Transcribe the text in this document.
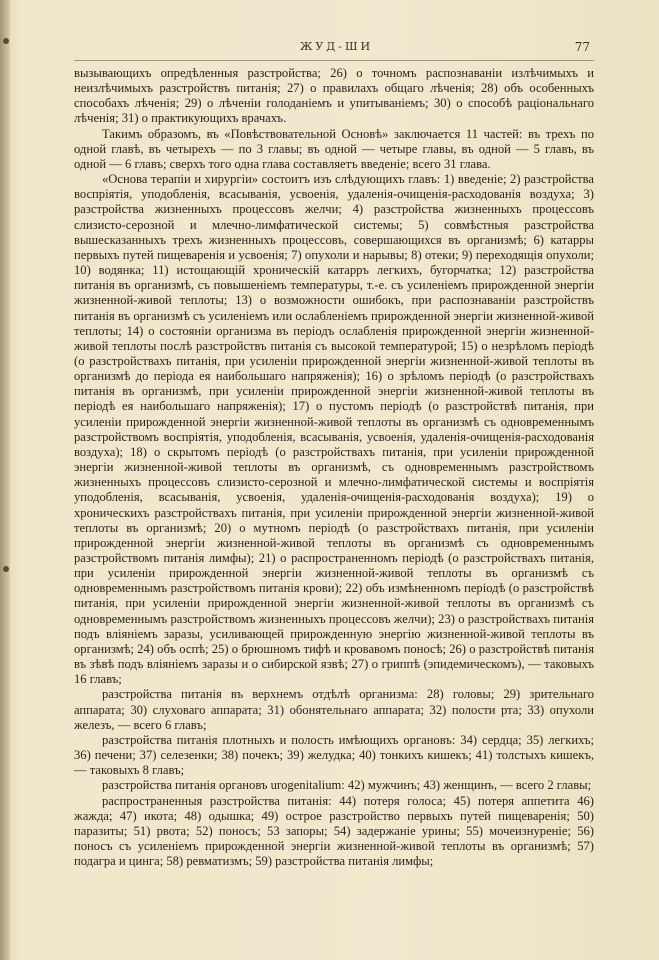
ЖУД-ШИ	77

вызывающихъ опредѣленныя разстройства; 26) о точномъ распознаваніи излѣчимыхъ и неизлѣчимыхъ разстройствъ питанія; 27) о правилахъ общаго лѣченія; 28) объ особенныхъ способахъ лѣченія; 29) о лѣченіи голоданіемъ и упитываніемъ; 30) о способѣ раціональнаго лѣченія; 31) о практикующихъ врачахъ.

Такимъ образомъ, въ «Повѣствовательной Основѣ» заключается 11 частей: въ трехъ по одной главѣ, въ четырехъ — по 3 главы; въ одной — четыре главы, въ одной — 5 главъ, въ одной — 6 главъ; сверхъ того одна глава составляетъ введеніе; всего 31 глава.

«Основа терапіи и хирургіи» состоитъ изъ слѣдующихъ главъ: 1) введеніе; 2) разстройства воспріятія, уподобленія, всасыванія, усвоенія, удаленія-очищенія-расходованія воздуха; 3) разстройства жизненныхъ процессовъ желчи; 4) разстройства жизненныхъ процессовъ слизисто-серозной и млечно-лимфатической системы; 5) совмѣстныя разстройства вышесказанныхъ трехъ жизненныхъ процессовъ, совершающихся въ организмѣ; 6) катарры первыхъ путей пищеваренія и усвоенія; 7) опухоли и нарывы; 8) отеки; 9) переходящія опухоли; 10) водянка; 11) истощающій хроническій катарръ легкихъ, бугорчатка; 12) разстройства питанія въ организмѣ, съ повышеніемъ температуры, т.-е. съ усиленіемъ прирожденной энергіи жизненной-живой теплоты; 13) о возможности ошибокъ, при распознаваніи разстройствъ питанія въ организмѣ съ усиленіемъ или ослабленіемъ прирожденной энергіи жизненной-живой теплоты; 14) о состояніи организма въ періодъ ослабленія прирожденной энергіи жизненной-живой теплоты послѣ разстройствъ питанія съ высокой температурой; 15) о незрѣломъ періодѣ (о разстройствахъ питанія, при усиленіи прирожденной энергіи жизненной-живой теплоты въ организмѣ до періода ея наибольшаго напряженія); 16) о зрѣломъ періодѣ (о разстройствахъ питанія въ организмѣ, при усиленіи прирожденной энергіи жизненной-живой теплоты въ періодѣ ея наибольшаго напряженія); 17) о пустомъ періодѣ (о разстройствѣ питанія, при усиленіи прирожденной энергіи жизненной-живой теплоты въ организмѣ съ одновременнымъ разстройствомъ воспріятія, уподобленія, всасыванія, усвоенія, удаленія-очищенія-расходованія воздуха); 18) о скрытомъ періодѣ (о разстройствахъ питанія, при усиленіи прирожденной энергіи жизненной-живой теплоты въ организмѣ, съ одновременнымъ разстройствомъ жизненныхъ процессовъ слизисто-серозной и млечно-лимфатической системы и воспріятія уподобленія, всасыванія, усвоенія, удаленія-очищенія-расходованія воздуха); 19) о хроническихъ разстройствахъ питанія, при усиленіи прирожденной энергіи жизненной-живой теплоты въ организмѣ; 20) о мутномъ періодѣ (о разстройствахъ питанія, при усиленіи прирожденной энергіи жизненной-живой теплоты въ организмѣ съ одновременнымъ разстройствомъ питанія лимфы); 21) о распространенномъ періодѣ (о разстройствахъ питанія, при усиленіи прирожденной энергіи жизненной-живой теплоты въ организмѣ съ одновременнымъ разстройствомъ питанія крови); 22) объ измѣненномъ періодѣ (о разстройствѣ питанія, при усиленіи прирожденной энергіи жизненной-живой теплоты въ организмѣ съ одновременнымъ разстройствомъ жизненныхъ процессовъ желчи); 23) о разстройствахъ питанія подъ вліяніемъ заразы, усиливающей прирожденную энергію жизненной-живой теплоты въ организмѣ; 24) объ оспѣ; 25) о брюшномъ тифѣ и кровавомъ поносѣ; 26) о разстройствѣ питанія въ зѣвѣ подъ вліяніемъ заразы и о сибирской язвѣ; 27) о гриппѣ (эпидемическомъ), — таковыхъ 16 главъ;

разстройства питанія въ верхнемъ отдѣлѣ организма: 28) головы; 29) зрительнаго аппарата; 30) слуховаго аппарата; 31) обонятельнаго аппарата; 32) полости рта; 33) опухоли железъ, — всего 6 главъ;

разстройства питанія плотныхъ и полость имѣющихъ органовъ: 34) сердца; 35) легкихъ; 36) печени; 37) селезенки; 38) почекъ; 39) желудка; 40) тонкихъ кишекъ; 41) толстыхъ кишекъ, — таковыхъ 8 главъ;

разстройства питанія органовъ urogenitalium: 42) мужчинъ; 43) женщинъ, — всего 2 главы;

распространенныя разстройства питанія: 44) потеря голоса; 45) потеря аппетита 46) жажда; 47) икота; 48) одышка; 49) острое разстройство первыхъ путей пищеваренія; 50) паразиты; 51) рвота; 52) поносъ; 53 запоры; 54) задержаніе урины; 55) мочеизнуреніе; 56) поносъ съ усиленіемъ прирожденной энергіи жизненной-живой теплоты въ организмѣ; 57) подагра и цинга; 58) ревматизмъ; 59) разстройства питанія лимфы;
